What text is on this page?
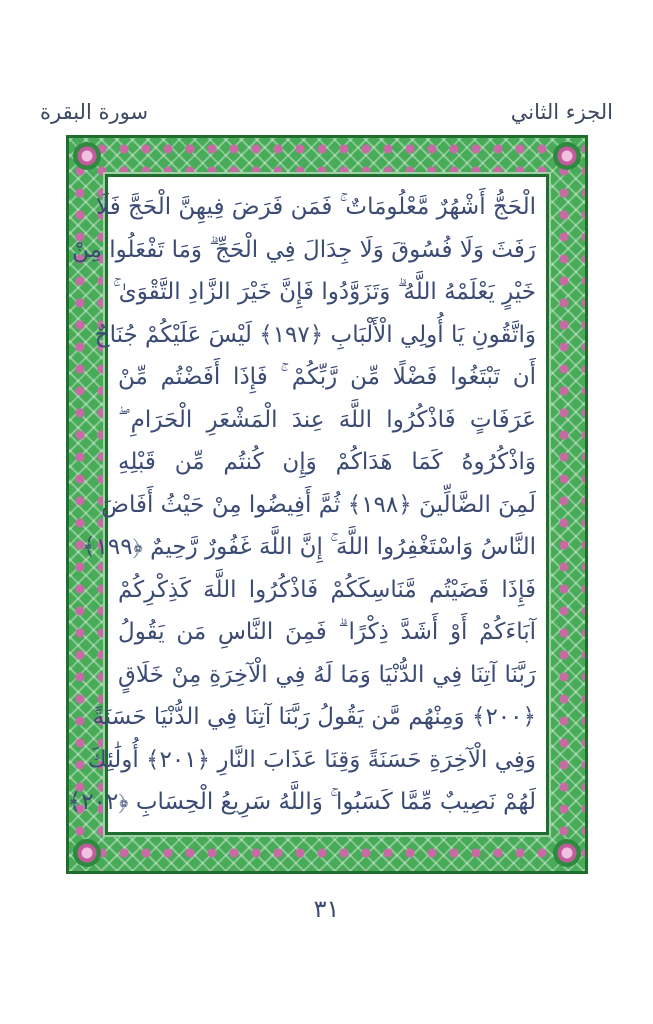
الجزء الثاني
سورة البقرة
الْحَجُّ أَشْهُرٌ مَّعْلُومَاتٌ ۚ فَمَن فَرَضَ فِيهِنَّ الْحَجَّ فَلَا
رَفَثَ وَلَا فُسُوقَ وَلَا جِدَالَ فِي الْحَجِّ ۗ وَمَا تَفْعَلُوا مِنْ
خَيْرٍ يَعْلَمْهُ اللَّهُ ۗ وَتَزَوَّدُوا فَإِنَّ خَيْرَ الزَّادِ التَّقْوَىٰ ۚ
وَاتَّقُونِ يَا أُولِي الْأَلْبَابِ ﴿١٩٧﴾ لَيْسَ عَلَيْكُمْ جُنَاحٌ
أَن تَبْتَغُوا فَضْلًا مِّن رَّبِّكُمْ ۚ فَإِذَا أَفَضْتُم مِّنْ
عَرَفَاتٍ فَاذْكُرُوا اللَّهَ عِندَ الْمَشْعَرِ الْحَرَامِ ۖ
وَاذْكُرُوهُ كَمَا هَدَاكُمْ وَإِن كُنتُم مِّن قَبْلِهِ
لَمِنَ الضَّالِّينَ ﴿١٩٨﴾ ثُمَّ أَفِيضُوا مِنْ حَيْثُ أَفَاضَ
النَّاسُ وَاسْتَغْفِرُوا اللَّهَ ۚ إِنَّ اللَّهَ غَفُورٌ رَّحِيمٌ ﴿١٩٩﴾
فَإِذَا قَضَيْتُم مَّنَاسِكَكُمْ فَاذْكُرُوا اللَّهَ كَذِكْرِكُمْ
آبَاءَكُمْ أَوْ أَشَدَّ ذِكْرًا ۗ فَمِنَ النَّاسِ مَن يَقُولُ
رَبَّنَا آتِنَا فِي الدُّنْيَا وَمَا لَهُ فِي الْآخِرَةِ مِنْ خَلَاقٍ
﴿٢٠٠﴾ وَمِنْهُم مَّن يَقُولُ رَبَّنَا آتِنَا فِي الدُّنْيَا حَسَنَةً
وَفِي الْآخِرَةِ حَسَنَةً وَقِنَا عَذَابَ النَّارِ ﴿٢٠١﴾ أُولَٰئِكَ
لَهُمْ نَصِيبٌ مِّمَّا كَسَبُوا ۚ وَاللَّهُ سَرِيعُ الْحِسَابِ ﴿٢٠٢﴾
٣١
